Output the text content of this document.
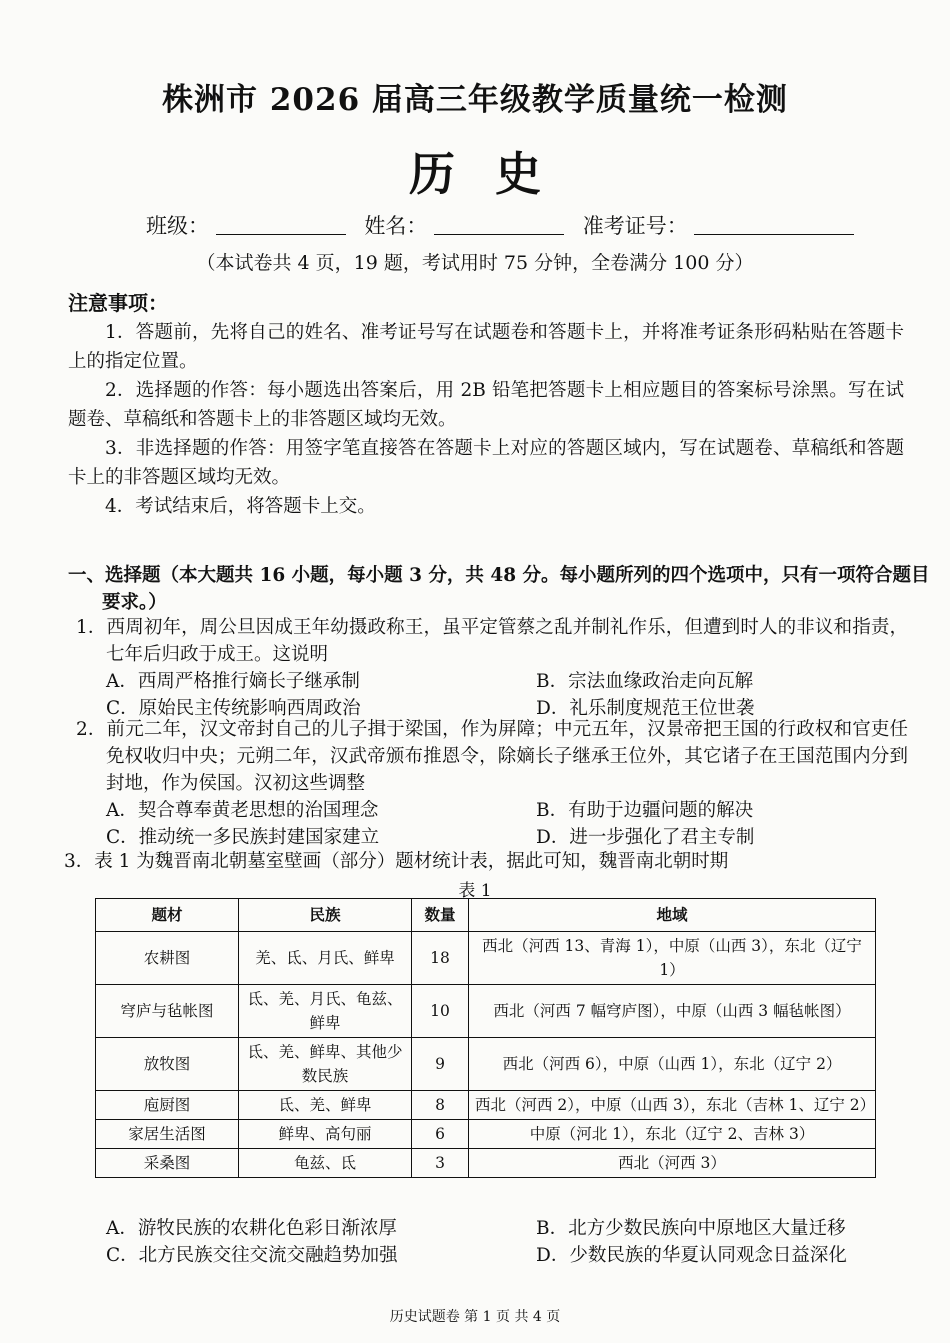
株洲市 2026 届高三年级教学质量统一检测
历史
班级：	姓名：	准考证号：
（本试卷共 4 页，19 题，考试用时 75 分钟，全卷满分 100 分）
注意事项：

1．答题前，先将自己的姓名、准考证号写在试题卷和答题卡上，并将准考证条形码粘贴在答题卡上的指定位置。

2．选择题的作答：每小题选出答案后，用 2B 铅笔把答题卡上相应题目的答案标号涂黑。写在试题卷、草稿纸和答题卡上的非答题区域均无效。

3．非选择题的作答：用签字笔直接答在答题卡上对应的答题区域内，写在试题卷、草稿纸和答题卡上的非答题区域均无效。

4．考试结束后，将答题卡上交。

一、选择题（本大题共 16 小题，每小题 3 分，共 48 分。每小题所列的四个选项中，只有一项符合题目要求。）
1．西周初年，周公旦因成王年幼摄政称王，虽平定管蔡之乱并制礼作乐，但遭到时人的非议和指责，七年后归政于成王。这说明
A．西周严格推行嫡长子继承制	B．宗法血缘政治走向瓦解
C．原始民主传统影响西周政治	D．礼乐制度规范王位世袭
2．前元二年，汉文帝封自己的儿子揖于梁国，作为屏障；中元五年，汉景帝把王国的行政权和官吏任免权收归中央；元朔二年，汉武帝颁布推恩令，除嫡长子继承王位外，其它诸子在王国范围内分到封地，作为侯国。汉初这些调整
A．契合尊奉黄老思想的治国理念	B．有助于边疆问题的解决
C．推动统一多民族封建国家建立	D．进一步强化了君主专制
3．表 1 为魏晋南北朝墓室壁画（部分）题材统计表，据此可知，魏晋南北朝时期
表 1
题材	民族	数量	地域
农耕图	羌、氐、月氏、鲜卑	18	西北（河西 13、青海 1），中原（山西 3），东北（辽宁 1）
穹庐与毡帐图	氐、羌、月氏、龟兹、鲜卑	10	西北（河西 7 幅穹庐图），中原（山西 3 幅毡帐图）
放牧图	氐、羌、鲜卑、其他少数民族	9	西北（河西 6），中原（山西 1），东北（辽宁 2）
庖厨图	氐、羌、鲜卑	8	西北（河西 2），中原（山西 3），东北（吉林 1、辽宁 2）
家居生活图	鲜卑、高句丽	6	中原（河北 1），东北（辽宁 2、吉林 3）
采桑图	龟兹、氐	3	西北（河西 3）
A．游牧民族的农耕化色彩日渐浓厚	B．北方少数民族向中原地区大量迁移
C．北方民族交往交流交融趋势加强	D．少数民族的华夏认同观念日益深化
历史试题卷 第 1 页 共 4 页
